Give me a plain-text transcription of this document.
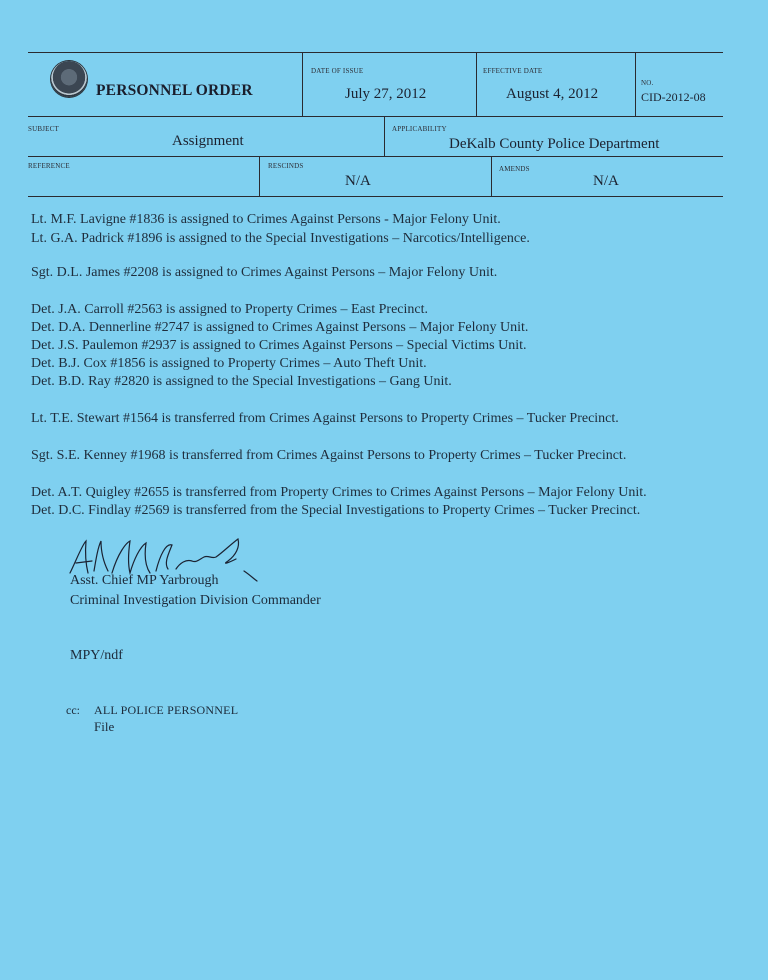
PERSONNEL ORDER
DATE OF ISSUE
July 27, 2012
EFFECTIVE DATE
August 4, 2012
NO.
CID-2012-08
SUBJECT
Assignment
APPLICABILITY
DeKalb County Police Department
REFERENCE	RESCINDS
N/A
AMENDS
N/A
Lt. M.F. Lavigne #1836 is assigned to Crimes Against Persons - Major Felony Unit.
Lt. G.A. Padrick #1896 is assigned to the Special Investigations – Narcotics/Intelligence.
Sgt. D.L. James #2208 is assigned to Crimes Against Persons – Major Felony Unit.
Det. J.A. Carroll #2563 is assigned to Property Crimes – East Precinct.
Det. D.A. Dennerline #2747 is assigned to Crimes Against Persons – Major Felony Unit.
Det. J.S. Paulemon #2937 is assigned to Crimes Against Persons – Special Victims Unit.
Det. B.J. Cox #1856 is assigned to Property Crimes – Auto Theft Unit.
Det. B.D. Ray #2820 is assigned to the Special Investigations – Gang Unit.
Lt. T.E. Stewart #1564 is transferred from Crimes Against Persons to Property Crimes – Tucker Precinct.
Sgt. S.E. Kenney #1968 is transferred from Crimes Against Persons to Property Crimes – Tucker Precinct.
Det. A.T. Quigley #2655 is transferred from Property Crimes to Crimes Against Persons – Major Felony Unit.
Det. D.C. Findlay #2569 is transferred from the Special Investigations to Property Crimes – Tucker Precinct.
Asst. Chief MP Yarbrough
Criminal Investigation Division Commander
MPY/ndf
cc: ALL POLICE PERSONNEL
File
